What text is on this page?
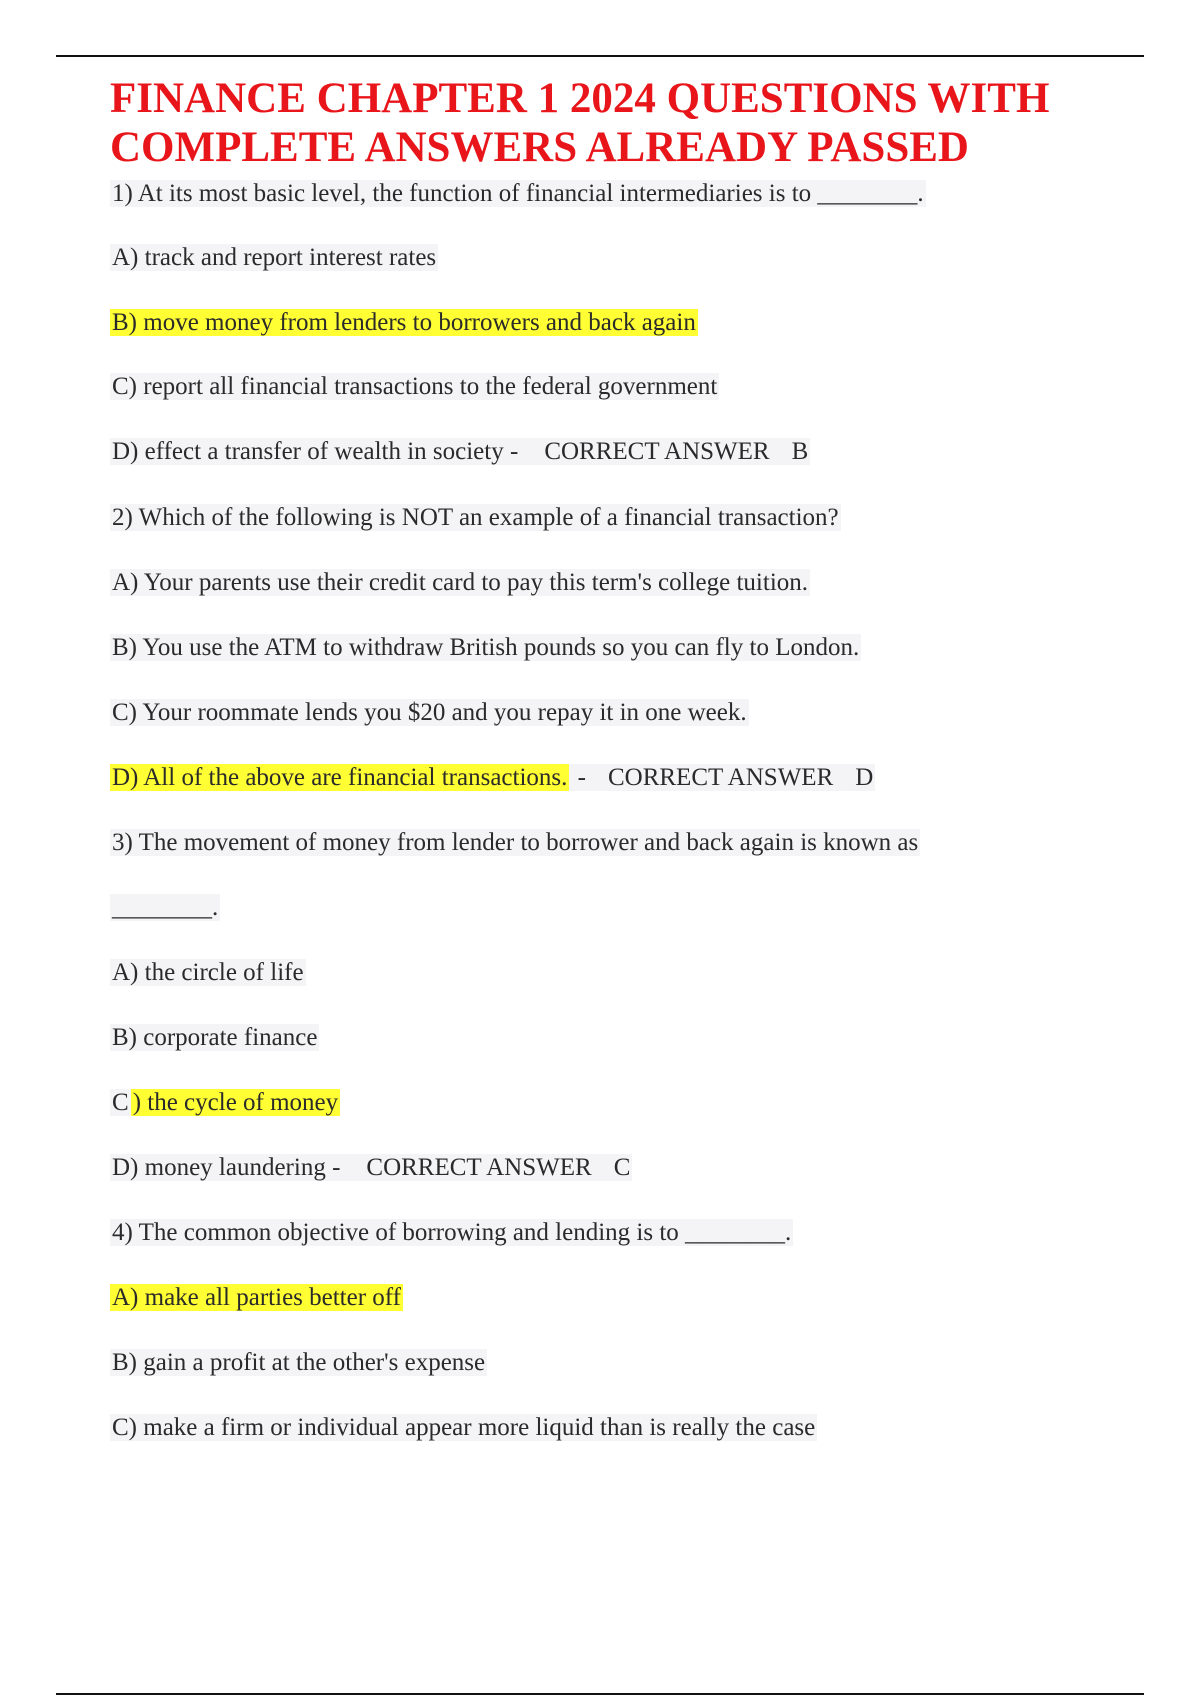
FINANCE CHAPTER 1 2024 QUESTIONS WITH
COMPLETE ANSWERS ALREADY PASSED
1) At its most basic level, the function of financial intermediaries is to ________.
A) track and report interest rates
B) move money from lenders to borrowers and back again
C) report all financial transactions to the federal government
D) effect a transfer of wealth in society - CORRECT ANSWER B
2) Which of the following is NOT an example of a financial transaction?
A) Your parents use their credit card to pay this term's college tuition.
B) You use the ATM to withdraw British pounds so you can fly to London.
C) Your roommate lends you $20 and you repay it in one week.
D) All of the above are financial transactions. - CORRECT ANSWER D
3) The movement of money from lender to borrower and back again is known as
________.
A) the circle of life
B) corporate finance
C ) the cycle of money
D) money laundering - CORRECT ANSWER C
4) The common objective of borrowing and lending is to ________.
A) make all parties better off
B) gain a profit at the other's expense
C) make a firm or individual appear more liquid than is really the case
